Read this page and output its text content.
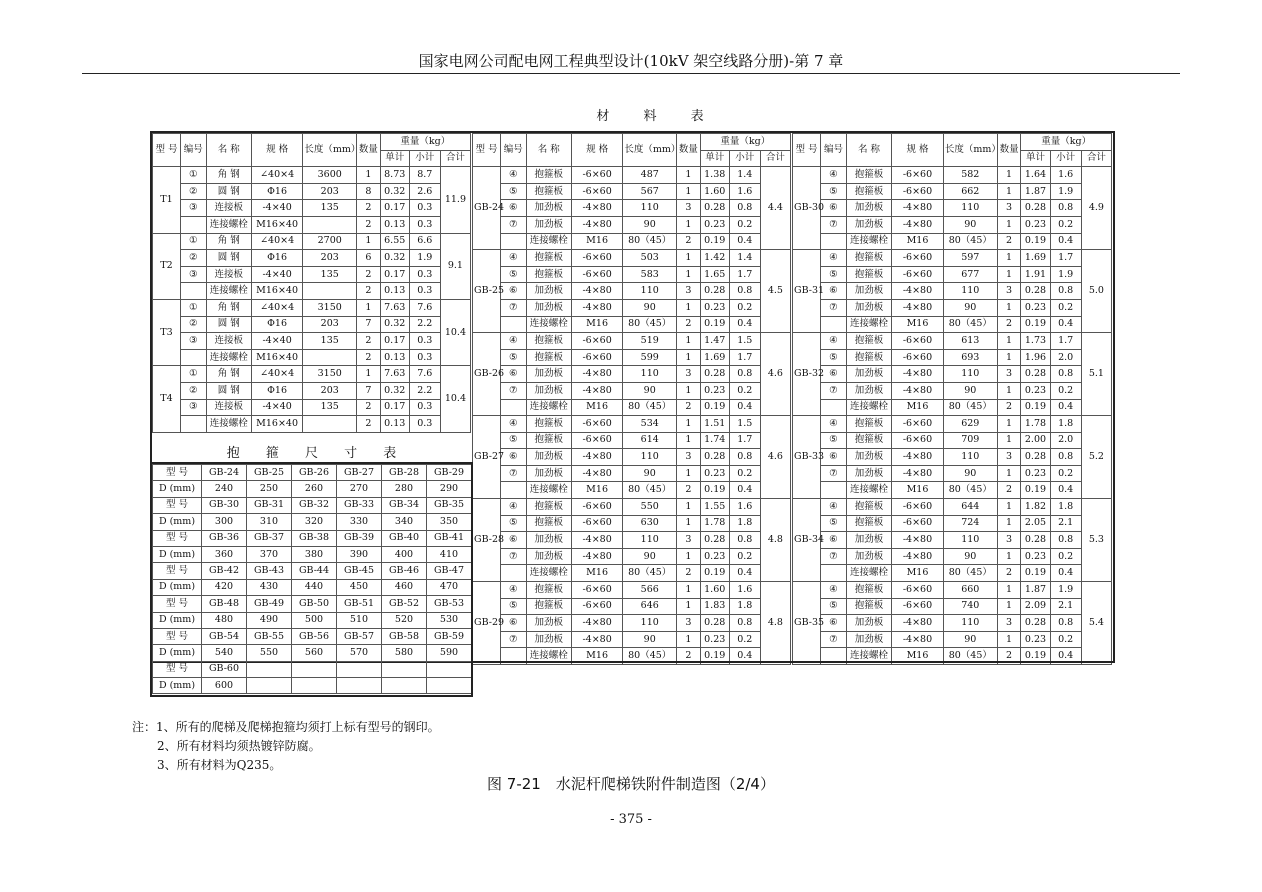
国家电网公司配电网工程典型设计(10kV 架空线路分册)-第 7 章
材 料 表
型 号	编号	名 称	规 格	长度（mm）	数量	重量（kg）		
						单计	小计	合计
T1	①	角 钢	∠40×4	3600	1	8.73	8.7	11.9
	②	圆 钢	Φ16	203	8	0.32	2.6	
	③	连接板	-4×40	135	2	0.17	0.3	
		连接螺栓	M16×40		2	0.13	0.3	
T2	①	角 钢	∠40×4	2700	1	6.55	6.6	9.1
	②	圆 钢	Φ16	203	6	0.32	1.9	
	③	连接板	-4×40	135	2	0.17	0.3	
		连接螺栓	M16×40		2	0.13	0.3	
T3	①	角 钢	∠40×4	3150	1	7.63	7.6	10.4
	②	圆 钢	Φ16	203	7	0.32	2.2	
	③	连接板	-4×40	135	2	0.17	0.3	
		连接螺栓	M16×40		2	0.13	0.3	
T4	①	角 钢	∠40×4	3150	1	7.63	7.6	10.4
	②	圆 钢	Φ16	203	7	0.32	2.2	
	③	连接板	-4×40	135	2	0.17	0.3	
		连接螺栓	M16×40		2	0.13	0.3	
型 号	编号	名 称	规 格	长度（mm）	数量	重量（kg）		
						单计	小计	合计
GB-24	④	抱箍板	-6×60	487	1	1.38	1.4	4.4
	⑤	抱箍板	-6×60	567	1	1.60	1.6	
	⑥	加劲板	-4×80	110	3	0.28	0.8	
	⑦	加劲板	-4×80	90	1	0.23	0.2	
		连接螺栓	M16	80（45）	2	0.19	0.4	
GB-25	④	抱箍板	-6×60	503	1	1.42	1.4	4.5
	⑤	抱箍板	-6×60	583	1	1.65	1.7	
	⑥	加劲板	-4×80	110	3	0.28	0.8	
	⑦	加劲板	-4×80	90	1	0.23	0.2	
		连接螺栓	M16	80（45）	2	0.19	0.4	
GB-26	④	抱箍板	-6×60	519	1	1.47	1.5	4.6
	⑤	抱箍板	-6×60	599	1	1.69	1.7	
	⑥	加劲板	-4×80	110	3	0.28	0.8	
	⑦	加劲板	-4×80	90	1	0.23	0.2	
		连接螺栓	M16	80（45）	2	0.19	0.4	
GB-27	④	抱箍板	-6×60	534	1	1.51	1.5	4.6
	⑤	抱箍板	-6×60	614	1	1.74	1.7	
	⑥	加劲板	-4×80	110	3	0.28	0.8	
	⑦	加劲板	-4×80	90	1	0.23	0.2	
		连接螺栓	M16	80（45）	2	0.19	0.4	
GB-28	④	抱箍板	-6×60	550	1	1.55	1.6	4.8
	⑤	抱箍板	-6×60	630	1	1.78	1.8	
	⑥	加劲板	-4×80	110	3	0.28	0.8	
	⑦	加劲板	-4×80	90	1	0.23	0.2	
		连接螺栓	M16	80（45）	2	0.19	0.4	
GB-29	④	抱箍板	-6×60	566	1	1.60	1.6	4.8
	⑤	抱箍板	-6×60	646	1	1.83	1.8	
	⑥	加劲板	-4×80	110	3	0.28	0.8	
	⑦	加劲板	-4×80	90	1	0.23	0.2	
		连接螺栓	M16	80（45）	2	0.19	0.4	
型 号	编号	名 称	规 格	长度（mm）	数量	重量（kg）		
						单计	小计	合计
GB-30	④	抱箍板	-6×60	582	1	1.64	1.6	4.9
	⑤	抱箍板	-6×60	662	1	1.87	1.9	
	⑥	加劲板	-4×80	110	3	0.28	0.8	
	⑦	加劲板	-4×80	90	1	0.23	0.2	
		连接螺栓	M16	80（45）	2	0.19	0.4	
GB-31	④	抱箍板	-6×60	597	1	1.69	1.7	5.0
	⑤	抱箍板	-6×60	677	1	1.91	1.9	
	⑥	加劲板	-4×80	110	3	0.28	0.8	
	⑦	加劲板	-4×80	90	1	0.23	0.2	
		连接螺栓	M16	80（45）	2	0.19	0.4	
GB-32	④	抱箍板	-6×60	613	1	1.73	1.7	5.1
	⑤	抱箍板	-6×60	693	1	1.96	2.0	
	⑥	加劲板	-4×80	110	3	0.28	0.8	
	⑦	加劲板	-4×80	90	1	0.23	0.2	
		连接螺栓	M16	80（45）	2	0.19	0.4	
GB-33	④	抱箍板	-6×60	629	1	1.78	1.8	5.2
	⑤	抱箍板	-6×60	709	1	2.00	2.0	
	⑥	加劲板	-4×80	110	3	0.28	0.8	
	⑦	加劲板	-4×80	90	1	0.23	0.2	
		连接螺栓	M16	80（45）	2	0.19	0.4	
GB-34	④	抱箍板	-6×60	644	1	1.82	1.8	5.3
	⑤	抱箍板	-6×60	724	1	2.05	2.1	
	⑥	加劲板	-4×80	110	3	0.28	0.8	
	⑦	加劲板	-4×80	90	1	0.23	0.2	
		连接螺栓	M16	80（45）	2	0.19	0.4	
GB-35	④	抱箍板	-6×60	660	1	1.87	1.9	5.4
	⑤	抱箍板	-6×60	740	1	2.09	2.1	
	⑥	加劲板	-4×80	110	3	0.28	0.8	
	⑦	加劲板	-4×80	90	1	0.23	0.2	
		连接螺栓	M16	80（45）	2	0.19	0.4	
抱 箍 尺 寸 表
型 号	GB-24	GB-25	GB-26	GB-27	GB-28	GB-29
D (mm)	240	250	260	270	280	290
型 号	GB-30	GB-31	GB-32	GB-33	GB-34	GB-35
D (mm)	300	310	320	330	340	350
型 号	GB-36	GB-37	GB-38	GB-39	GB-40	GB-41
D (mm)	360	370	380	390	400	410
型 号	GB-42	GB-43	GB-44	GB-45	GB-46	GB-47
D (mm)	420	430	440	450	460	470
型 号	GB-48	GB-49	GB-50	GB-51	GB-52	GB-53
D (mm)	480	490	500	510	520	530
型 号	GB-54	GB-55	GB-56	GB-57	GB-58	GB-59
D (mm)	540	550	560	570	580	590
型 号	GB-60					
D (mm)	600					
注：1、所有的爬梯及爬梯抱箍均须打上标有型号的钢印。
2、所有材料均须热镀锌防腐。
3、所有材料为Q235。
图 7-21　水泥杆爬梯铁附件制造图（2/4）
- 375 -
